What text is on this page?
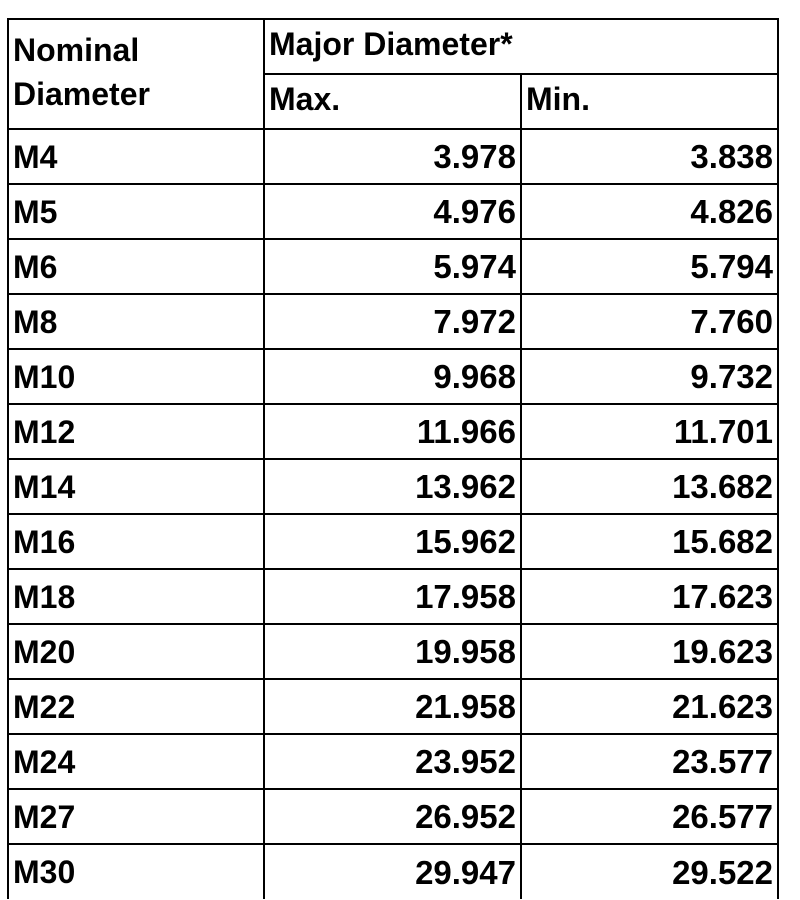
Nominal Diameter	Major Diameter*	
	Max.	Min.
M4	3.978	3.838
M5	4.976	4.826
M6	5.974	5.794
M8	7.972	7.760
M10	9.968	9.732
M12	11.966	11.701
M14	13.962	13.682
M16	15.962	15.682
M18	17.958	17.623
M20	19.958	19.623
M22	21.958	21.623
M24	23.952	23.577
M27	26.952	26.577
M30	29.947	29.522
